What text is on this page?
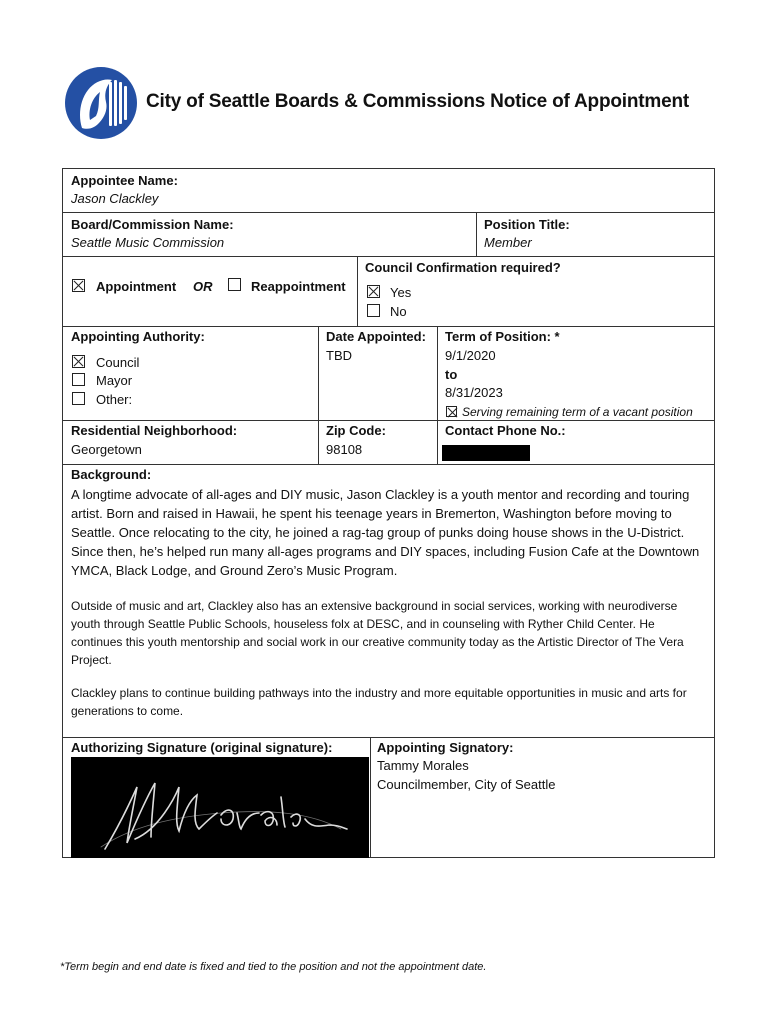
City of Seattle Boards & Commissions Notice of Appointment
Appointee Name:
Jason Clackley
Board/Commission Name:
Seattle Music Commission
Position Title:
Member
Appointment OR	Reappointment
Council Confirmation required?
Yes
No
Appointing Authority:
Council
Mayor
Other:
Date Appointed:
TBD
Term of Position: *
9/1/2020
to
8/31/2023
Serving remaining term of a vacant position
Residential Neighborhood:
Georgetown
Zip Code:
98108
Contact Phone No.:
Background:
A longtime advocate of all-ages and DIY music, Jason Clackley is a youth mentor and recording and touring artist. Born and raised in Hawaii, he spent his teenage years in Bremerton, Washington before moving to Seattle. Once relocating to the city, he joined a rag-tag group of punks doing house shows in the U-District. Since then, he’s helped run many all-ages programs and DIY spaces, including Fusion Cafe at the Downtown YMCA, Black Lodge, and Ground Zero’s Music Program.
Outside of music and art, Clackley also has an extensive background in social services, working with neurodiverse youth through Seattle Public Schools, houseless folx at DESC, and in counseling with Ryther Child Center. He continues this youth mentorship and social work in our creative community today as the Artistic Director of The Vera Project.
Clackley plans to continue building pathways into the industry and more equitable opportunities in music and arts for generations to come.
Authorizing Signature (original signature):	Appointing Signatory:
Tammy Morales
Councilmember, City of Seattle
*Term begin and end date is fixed and tied to the position and not the appointment date.
